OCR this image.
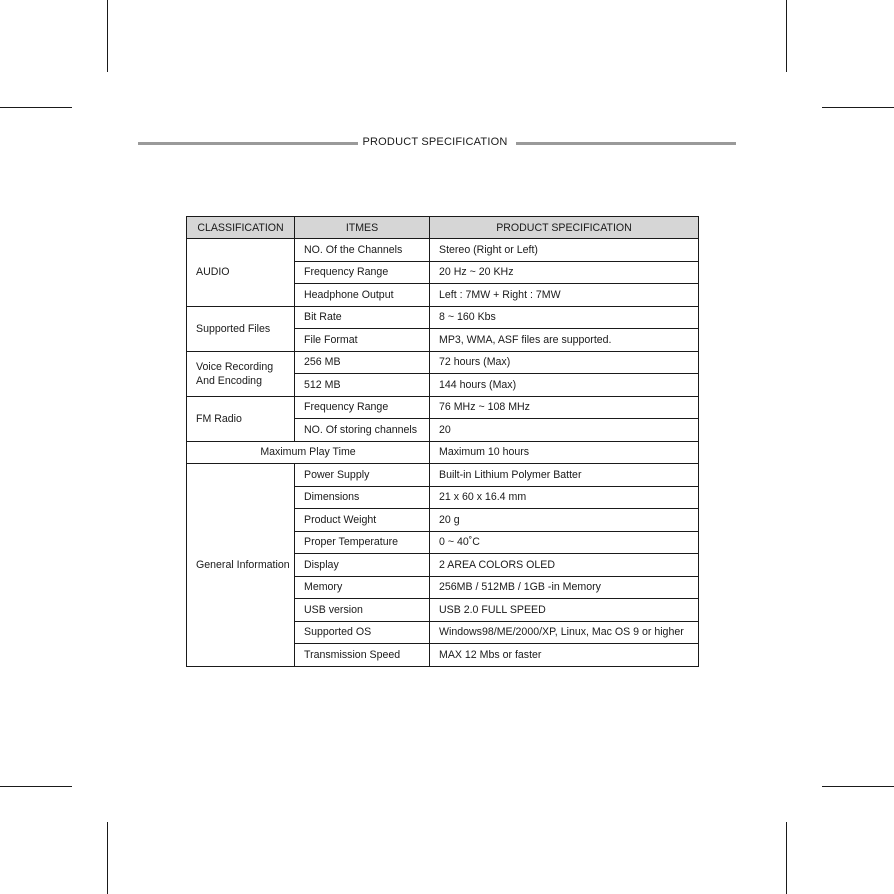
PRODUCT SPECIFICATION
CLASSIFICATION	ITMES	PRODUCT SPECIFICATION
AUDIO	NO. Of the Channels	Stereo (Right or Left)
	Frequency Range	20 Hz ~ 20 KHz
	Headphone Output	Left : 7MW + Right : 7MW
Supported Files	Bit Rate	8 ~ 160 Kbs
	File Format	MP3, WMA, ASF files are supported.
Voice Recording And Encoding	256 MB	72 hours (Max)
	512 MB	144 hours (Max)
FM Radio	Frequency Range	76 MHz ~ 108 MHz
	NO. Of storing channels	20
Maximum Play Time		Maximum 10 hours
General Information	Power Supply	Built-in Lithium Polymer Batter
	Dimensions	21 x 60 x 16.4 mm
	Product Weight	20 g
	Proper Temperature	0 ~ 40˚C
	Display	2 AREA COLORS OLED
	Memory	256MB / 512MB / 1GB -in Memory
	USB version	USB 2.0 FULL SPEED
	Supported OS	Windows98/ME/2000/XP, Linux, Mac OS 9 or higher
	Transmission Speed	MAX 12 Mbs or faster
